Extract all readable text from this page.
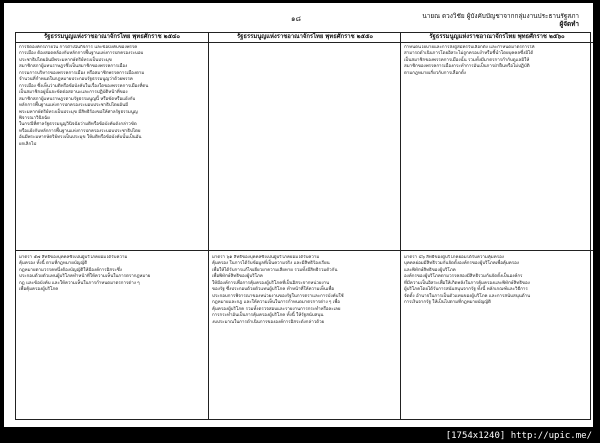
๑๘	นายณ ดวงวิชัย ผู้บังคับบัญชาจากกลุ่มงานประธานรัฐสภา
ผู้จัดทำ
รัฐธรรมนูญแห่งราชอาณาจักรไทย พุทธศักราช ๒๕๔๐
การจัดองค์กรภายใน การดำเนินกิจการ และข้อบังคับของพรรค
การเมือง ต้องสอดคล้องกับหลักการพื้นฐานแห่งการปกครองระบอบ
ประชาธิปไตยอันมีพระมหากษัตริย์ทรงเป็นประมุข
สมาชิกสภาผู้แทนราษฎรซึ่งเป็นสมาชิกของพรรคการเมือง
กรรมการบริหารของพรรคการเมือง หรือสมาชิกพรรคการเมืองตาม
จำนวนที่กำหนดในกฎหมายประกอบรัฐธรรมนูญว่าด้วยพรรค
การเมือง ซึ่งเห็นว่ามติหรือข้อบังคับในเรื่องใดของพรรคการเมืองที่ตน
เป็นสมาชิกอยู่นั้นจะขัดต่อสถานะและการปฏิบัติหน้าที่ของ
สมาชิกสภาผู้แทนราษฎรตามรัฐธรรมนูญนี้ หรือขัดหรือแย้งกับ
หลักการพื้นฐานแห่งการปกครองระบอบประชาธิปไตยอันมี
พระมหากษัตริย์ทรงเป็นประมุข มีสิทธิร้องขอให้ศาลรัฐธรรมนูญ
พิจารณาวินิจฉัย
ในกรณีที่ศาลรัฐธรรมนูญวินิจฉัยว่ามติหรือข้อบังคับดังกล่าวขัด
หรือแย้งกับหลักการพื้นฐานแห่งการปกครองระบอบประชาธิปไตย
อันมีพระมหากษัตริย์ทรงเป็นประมุข ให้มติหรือข้อบังคับนั้นเป็นอัน
ยกเลิกไป
มาตรา ๕๗ สิทธิของบุคคลซึ่งเป็นผู้บริโภคย่อมได้รับความ
คุ้มครอง ทั้งนี้ ตามที่กฎหมายบัญญัติ
กฎหมายตามวรรคหนึ่งต้องบัญญัติให้มีองค์การอิสระซึ่ง
ประกอบด้วยตัวแทนผู้บริโภคทำหน้าที่ให้ความเห็นในการตรากฎหมาย
กฎ และข้อบังคับ และให้ความเห็นในการกำหนดมาตรการต่าง ๆ
เพื่อคุ้มครองผู้บริโภค
รัฐธรรมนูญแห่งราชอาณาจักรไทย พุทธศักราช ๒๕๕๐
มาตรา ๖๑ สิทธิของบุคคลซึ่งเป็นผู้บริโภคย่อมได้รับความ
คุ้มครอง ในการได้รับข้อมูลที่เป็นความจริง และมีสิทธิร้องเรียน
เพื่อให้ได้รับการแก้ไขเยียวยาความเสียหาย รวมทั้งมีสิทธิรวมตัวกัน
เพื่อพิทักษ์สิทธิของผู้บริโภค
ให้มีองค์การเพื่อการคุ้มครองผู้บริโภคที่เป็นอิสระจากหน่วยงาน
ของรัฐ ซึ่งประกอบด้วยตัวแทนผู้บริโภค ทำหน้าที่ให้ความเห็นเพื่อ
ประกอบการพิจารณาของหน่วยงานของรัฐในการตราและการบังคับใช้
กฎหมายและกฎ และให้ความเห็นในการกำหนดมาตรการต่าง ๆ เพื่อ
คุ้มครองผู้บริโภค รวมทั้งตรวจสอบและรายงานการกระทำหรือละเลย
การกระทำอันเป็นการคุ้มครองผู้บริโภค ทั้งนี้ ให้รัฐสนับสนุน
งบประมาณในการดำเนินการขององค์การอิสระดังกล่าวด้วย
รัฐธรรมนูญแห่งราชอาณาจักรไทย พุทธศักราช ๒๕๖๐
กำหนดนโยบายและการส่งผู้สมัครรับเลือกตั้ง และกำหนดมาตรการให้
สามารถดำเนินการโดยอิสระไม่ถูกครอบงำหรือชี้นำโดยบุคคลซึ่งมิได้
เป็นสมาชิกของพรรคการเมืองนั้น รวมทั้งมีมาตรการกำกับดูแลมิให้
สมาชิกของพรรคการเมืองกระทำการอันเป็นการฝ่าฝืนหรือไม่ปฏิบัติ
ตามกฎหมายเกี่ยวกับการเลือกตั้ง
มาตรา ๔๖ สิทธิของผู้บริโภคย่อมได้รับความคุ้มครอง
บุคคลย่อมมีสิทธิรวมกันจัดตั้งองค์กรของผู้บริโภคเพื่อคุ้มครอง
และพิทักษ์สิทธิของผู้บริโภค
องค์กรของผู้บริโภคตามวรรคสองมีสิทธิรวมกันจัดตั้งเป็นองค์กร
ที่มีความเป็นอิสระเพื่อให้เกิดพลังในการคุ้มครองและพิทักษ์สิทธิของ
ผู้บริโภคโดยได้รับการสนับสนุนจากรัฐ ทั้งนี้ หลักเกณฑ์และวิธีการ
จัดตั้ง อำนาจในการเป็นตัวแทนของผู้บริโภค และการสนับสนุนด้าน
การเงินจากรัฐ ให้เป็นไปตามที่กฎหมายบัญญัติ
[1754x1240] http://upic.me/
